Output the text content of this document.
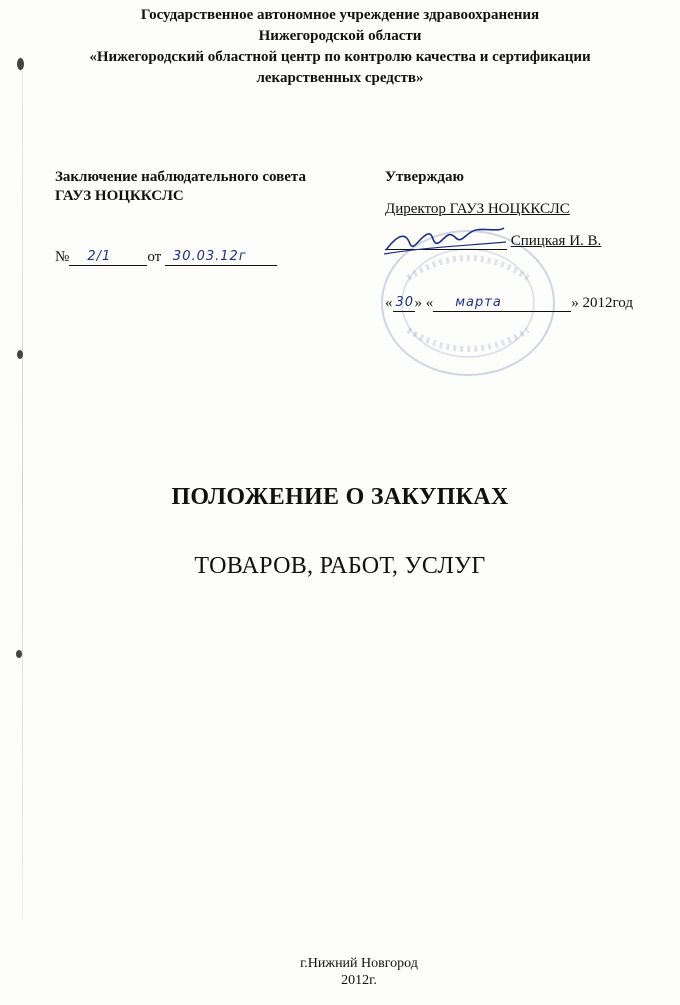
Государственное автономное учреждение здравоохранения
Нижегородской области
«Нижегородский областной центр по контролю качества и сертификации
лекарственных средств»
Заключение наблюдательного совета
ГАУЗ НОЦККСЛС
№ 2/1 от 30.03.12г
Утверждаю
Директор ГАУЗ НОЦККСЛС
Спицкая И. В.
« 30 » « марта	» 2012год
ПОЛОЖЕНИЕ О ЗАКУПКАХ
ТОВАРОВ, РАБОТ, УСЛУГ
г.Нижний Новгород
2012г.
